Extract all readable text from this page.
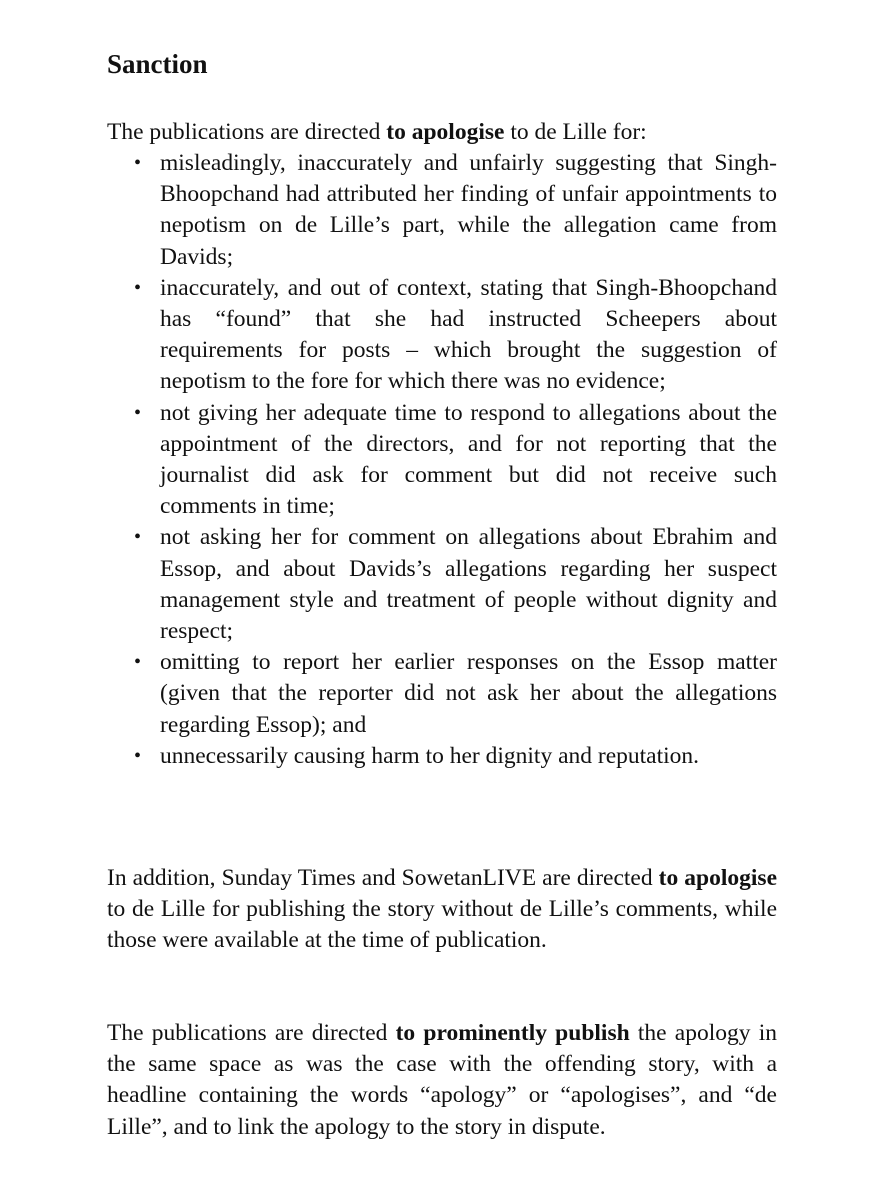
Sanction

The publications are directed to apologise to de Lille for:

• misleadingly, inaccurately and unfairly suggesting that Singh-Bhoopchand had attributed her finding of unfair appointments to nepotism on de Lille’s part, while the allegation came from Davids;
• inaccurately, and out of context, stating that Singh-Bhoopchand has “found” that she had instructed Scheepers about requirements for posts – which brought the suggestion of nepotism to the fore for which there was no evidence;
• not giving her adequate time to respond to allegations about the appointment of the directors, and for not reporting that the journalist did ask for comment but did not receive such comments in time;
• not asking her for comment on allegations about Ebrahim and Essop, and about Davids’s allegations regarding her suspect management style and treatment of people without dignity and respect;
• omitting to report her earlier responses on the Essop matter (given that the reporter did not ask her about the allegations regarding Essop); and
• unnecessarily causing harm to her dignity and reputation.

In addition, Sunday Times and SowetanLIVE are directed to apologise to de Lille for publishing the story without de Lille’s comments, while those were available at the time of publication.

The publications are directed to prominently publish the apology in the same space as was the case with the offending story, with a headline containing the words “apology” or “apologises”, and “de Lille”, and to link the apology to the story in dispute.
